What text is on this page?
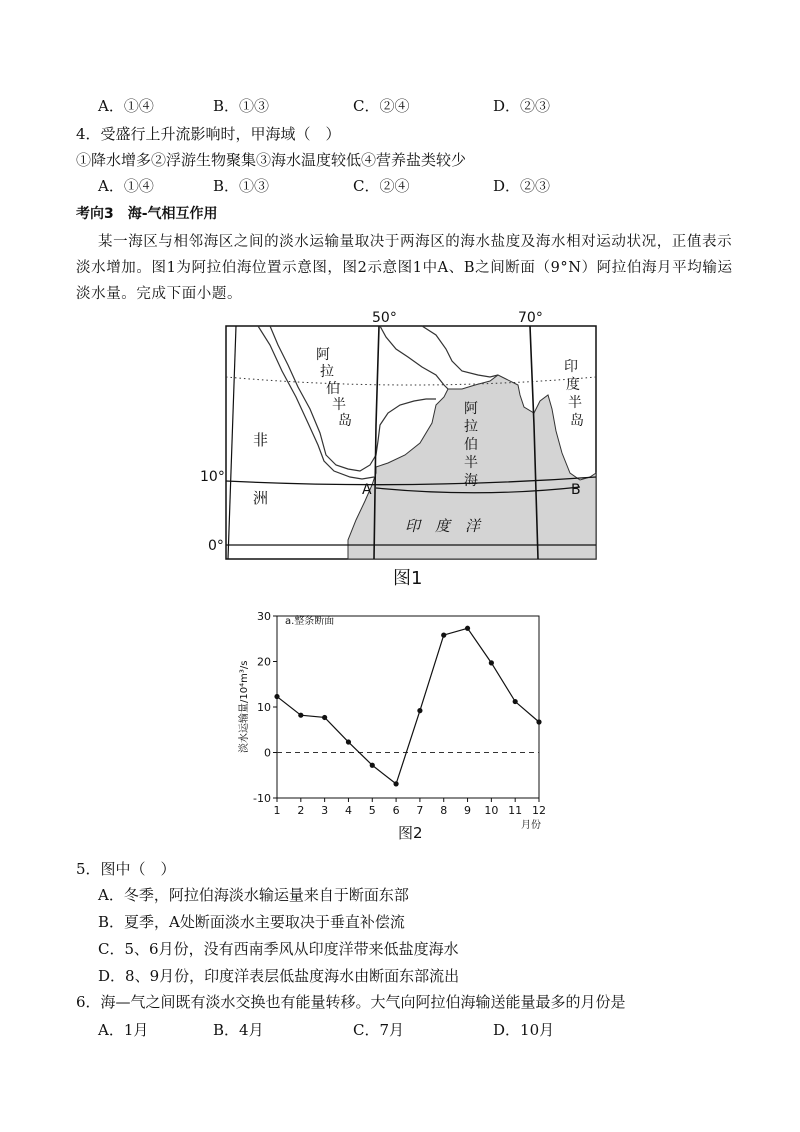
A．①④	B．①③	C．②④	D．②③
4．受盛行上升流影响时，甲海域（　）
①降水增多②浮游生物聚集③海水温度较低④营养盐类较少
A．①④	B．①③	C．②④	D．②③
考向3　海-气相互作用
某一海区与相邻海区之间的淡水运输量取决于两海区的海水盐度及海水相对运动状况，正值表示
淡水增加。图1为阿拉伯海位置示意图，图2示意图1中A、B之间断面（9°N）阿拉伯海月平均输运
淡水量。完成下面小题。
50°	70°
10°
0°
非
洲
阿
拉
伯
半
岛
阿
拉
伯
半
海
印
度
半
岛
印　度　洋
A	B
图1
a.整条断面
淡水运输量/10⁴m³/s
月份
图2
30
20
10
0
-10
1 2 3 4 5 6 7 8 9 10 11 12
5．图中（　）
A．冬季，阿拉伯海淡水输运量来自于断面东部
B．夏季，A处断面淡水主要取决于垂直补偿流
C．5、6月份，没有西南季风从印度洋带来低盐度海水
D．8、9月份，印度洋表层低盐度海水由断面东部流出
6．海—气之间既有淡水交换也有能量转移。大气向阿拉伯海输送能量最多的月份是
A．1月	B．4月	C．7月	D．10月
